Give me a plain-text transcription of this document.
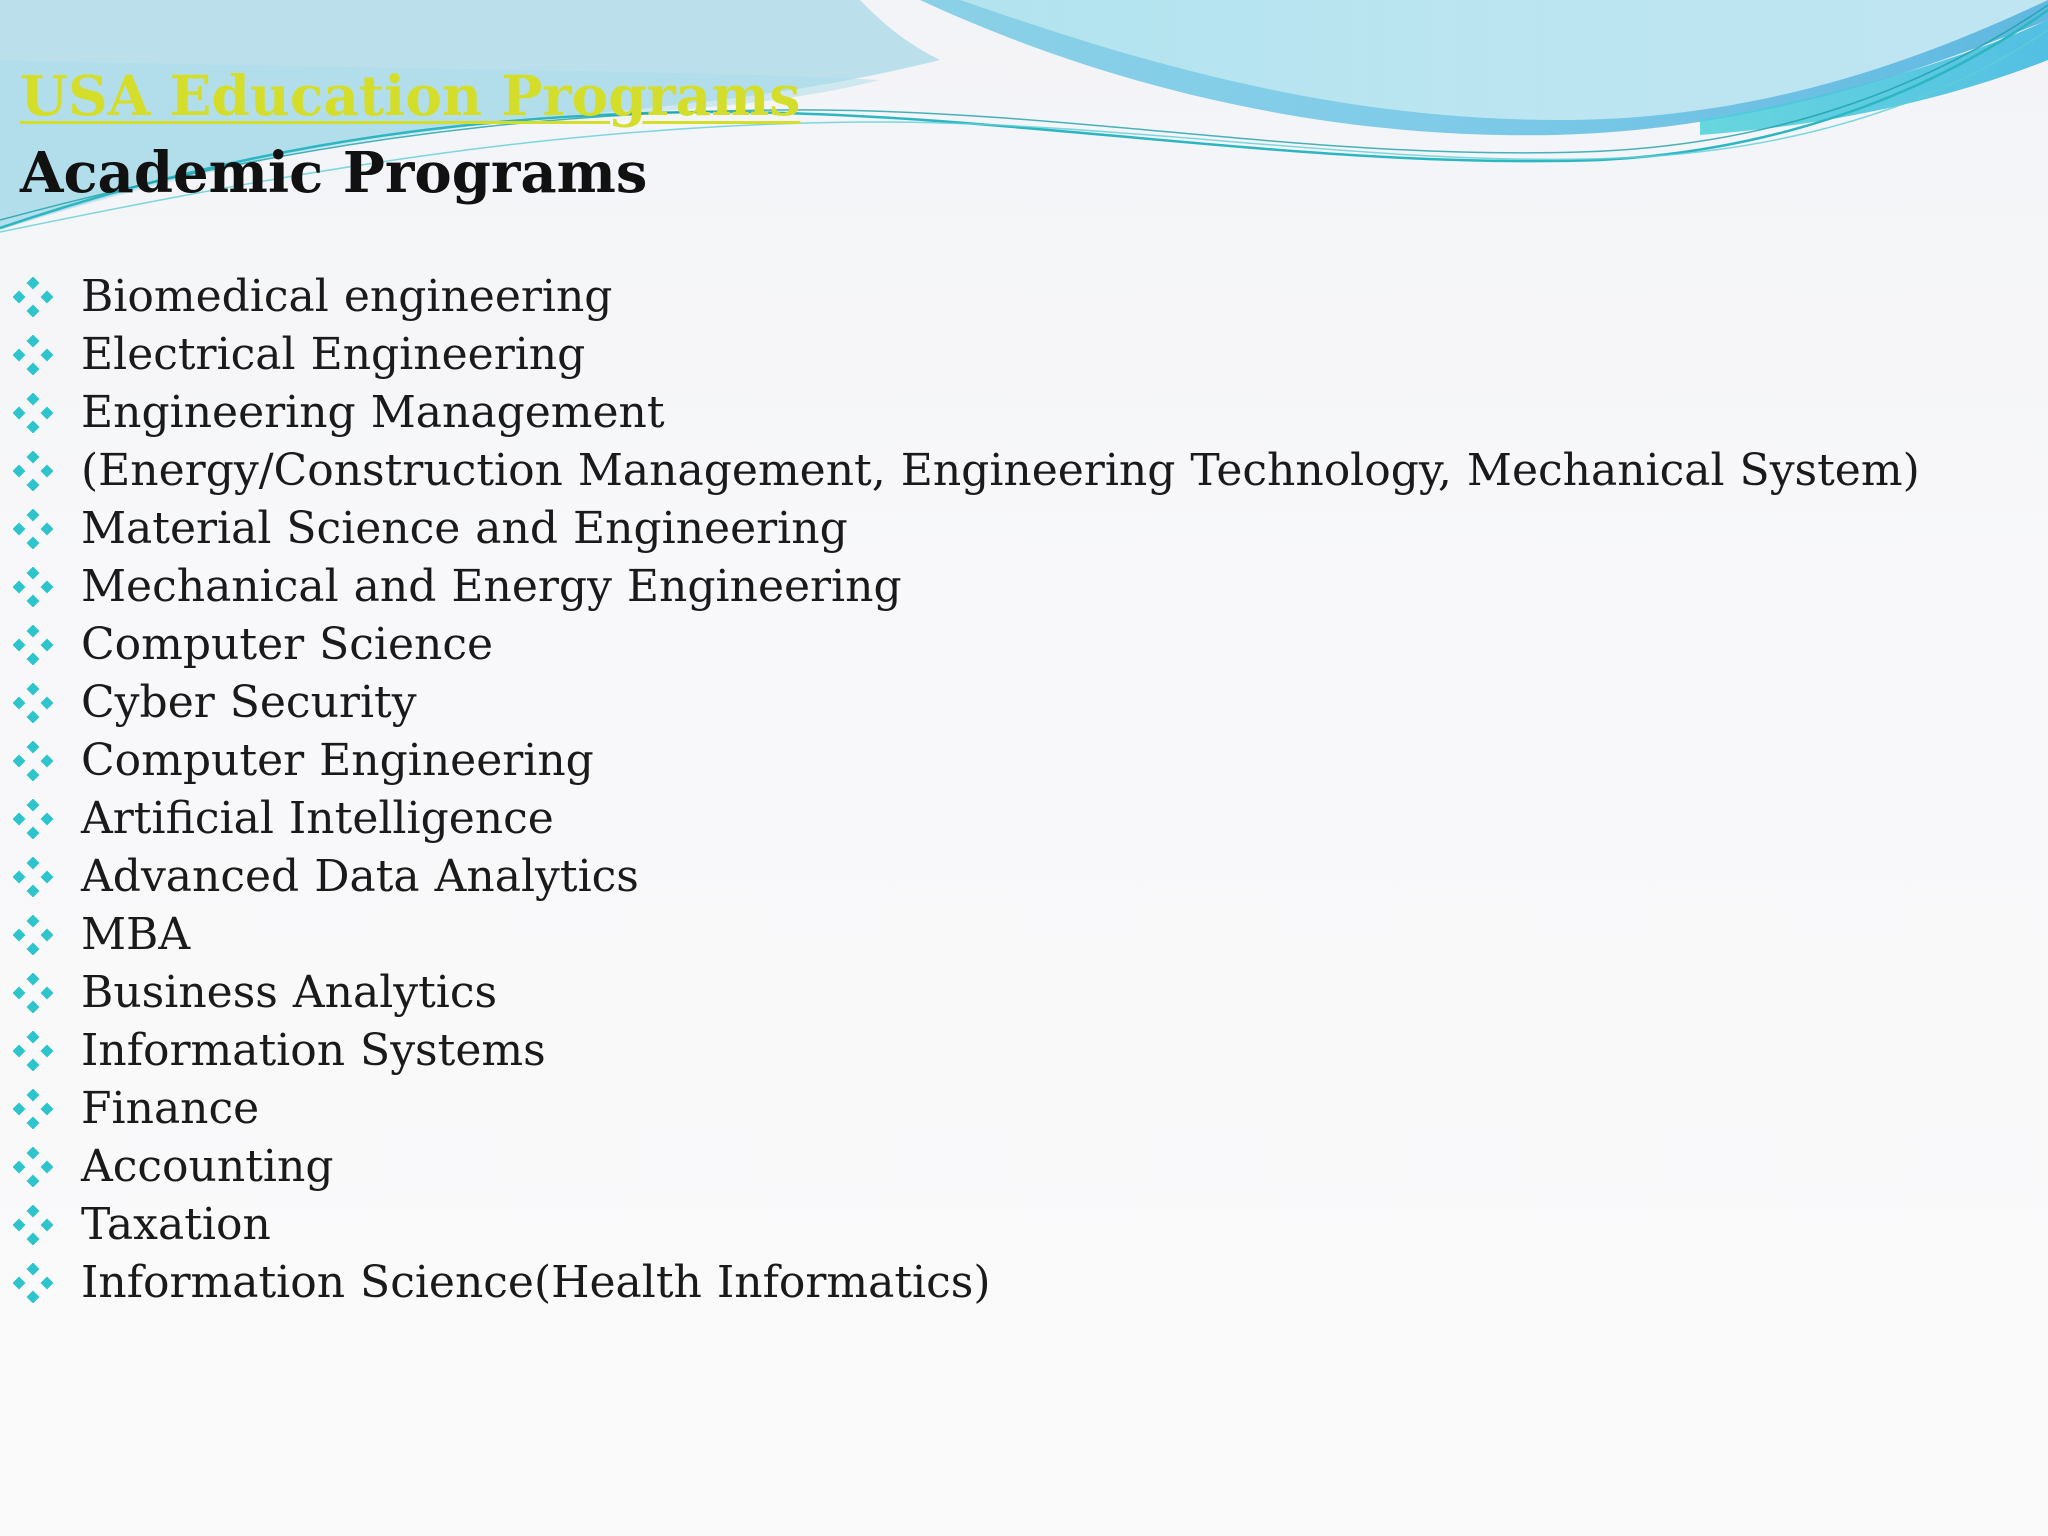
USA Education Programs
Academic Programs
Biomedical engineering
Electrical Engineering
Engineering Management
(Energy/Construction Management, Engineering Technology, Mechanical System)
Material Science and Engineering
Mechanical and Energy Engineering
Computer Science
Cyber Security
Computer Engineering
Artificial Intelligence
Advanced Data Analytics
MBA
Business Analytics
Information Systems
Finance
Accounting
Taxation
Information Science(Health Informatics)
